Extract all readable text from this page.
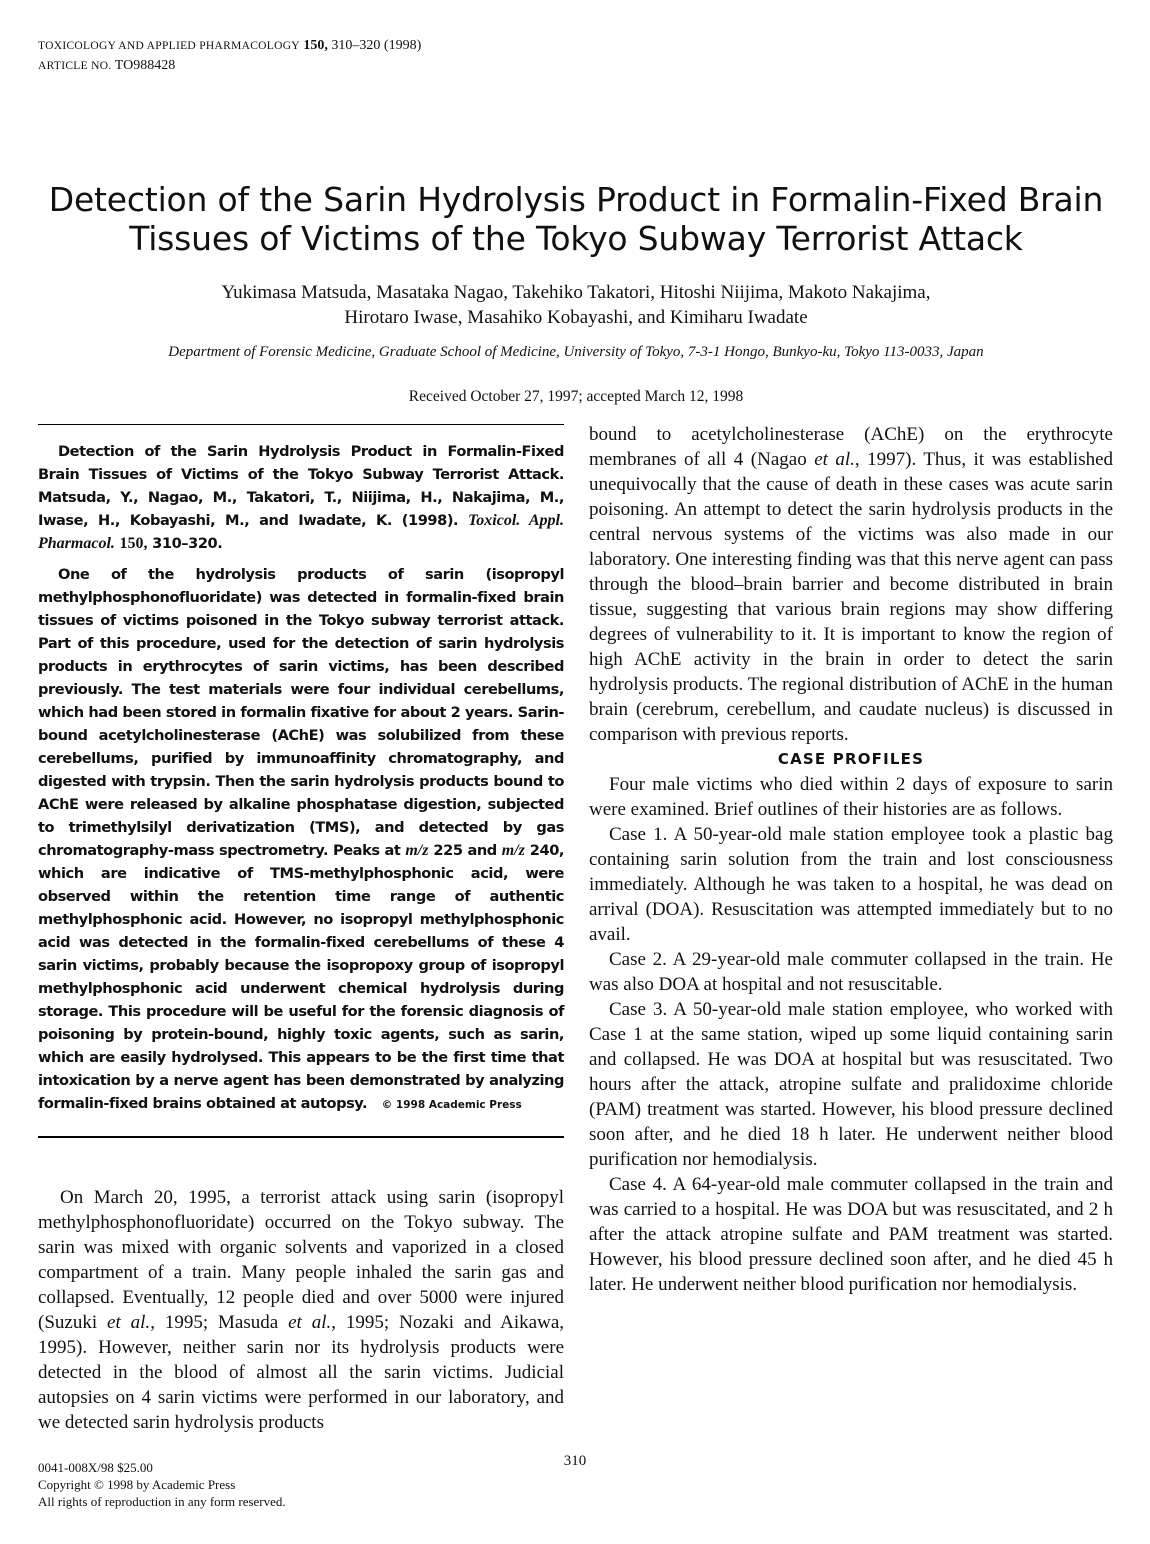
TOXICOLOGY AND APPLIED PHARMACOLOGY 150, 310–320 (1998)
ARTICLE NO. TO988428
Detection of the Sarin Hydrolysis Product in Formalin-Fixed Brain
Tissues of Victims of the Tokyo Subway Terrorist Attack
Yukimasa Matsuda, Masataka Nagao, Takehiko Takatori, Hitoshi Niijima, Makoto Nakajima,
Hirotaro Iwase, Masahiko Kobayashi, and Kimiharu Iwadate
Department of Forensic Medicine, Graduate School of Medicine, University of Tokyo, 7-3-1 Hongo, Bunkyo-ku, Tokyo 113-0033, Japan
Received October 27, 1997; accepted March 12, 1998

Detection of the Sarin Hydrolysis Product in Formalin-Fixed Brain Tissues of Victims of the Tokyo Subway Terrorist Attack. Matsuda, Y., Nagao, M., Takatori, T., Niijima, H., Nakajima, M., Iwase, H., Kobayashi, M., and Iwadate, K. (1998). Toxicol. Appl. Pharmacol. 150, 310–320.

One of the hydrolysis products of sarin (isopropyl methylphosphonofluoridate) was detected in formalin-fixed brain tissues of victims poisoned in the Tokyo subway terrorist attack. Part of this procedure, used for the detection of sarin hydrolysis products in erythrocytes of sarin victims, has been described previously. The test materials were four individual cerebellums, which had been stored in formalin fixative for about 2 years. Sarin-bound acetylcholinesterase (AChE) was solubilized from these cerebellums, purified by immunoaffinity chromatography, and digested with trypsin. Then the sarin hydrolysis products bound to AChE were released by alkaline phosphatase digestion, subjected to trimethylsilyl derivatization (TMS), and detected by gas chromatography-mass spectrometry. Peaks at m/z 225 and m/z 240, which are indicative of TMS-methylphosphonic acid, were observed within the retention time range of authentic methylphosphonic acid. However, no isopropyl methylphosphonic acid was detected in the formalin-fixed cerebellums of these 4 sarin victims, probably because the isopropoxy group of isopropyl methylphosphonic acid underwent chemical hydrolysis during storage. This procedure will be useful for the forensic diagnosis of poisoning by protein-bound, highly toxic agents, such as sarin, which are easily hydrolysed. This appears to be the first time that intoxication by a nerve agent has been demonstrated by analyzing formalin-fixed brains obtained at autopsy. © 1998 Academic Press

On March 20, 1995, a terrorist attack using sarin (isopropyl methylphosphonofluoridate) occurred on the Tokyo subway. The sarin was mixed with organic solvents and vaporized in a closed compartment of a train. Many people inhaled the sarin gas and collapsed. Eventually, 12 people died and over 5000 were injured (Suzuki et al., 1995; Masuda et al., 1995; Nozaki and Aikawa, 1995). However, neither sarin nor its hydrolysis products were detected in the blood of almost all the sarin victims. Judicial autopsies on 4 sarin victims were performed in our laboratory, and we detected sarin hydrolysis products

bound to acetylcholinesterase (AChE) on the erythrocyte membranes of all 4 (Nagao et al., 1997). Thus, it was established unequivocally that the cause of death in these cases was acute sarin poisoning. An attempt to detect the sarin hydrolysis products in the central nervous systems of the victims was also made in our laboratory. One interesting finding was that this nerve agent can pass through the blood–brain barrier and become distributed in brain tissue, suggesting that various brain regions may show differing degrees of vulnerability to it. It is important to know the region of high AChE activity in the brain in order to detect the sarin hydrolysis products. The regional distribution of AChE in the human brain (cerebrum, cerebellum, and caudate nucleus) is discussed in comparison with previous reports.

CASE PROFILES

Four male victims who died within 2 days of exposure to sarin were examined. Brief outlines of their histories are as follows.

Case 1. A 50-year-old male station employee took a plastic bag containing sarin solution from the train and lost consciousness immediately. Although he was taken to a hospital, he was dead on arrival (DOA). Resuscitation was attempted immediately but to no avail.

Case 2. A 29-year-old male commuter collapsed in the train. He was also DOA at hospital and not resuscitable.

Case 3. A 50-year-old male station employee, who worked with Case 1 at the same station, wiped up some liquid containing sarin and collapsed. He was DOA at hospital but was resuscitated. Two hours after the attack, atropine sulfate and pralidoxime chloride (PAM) treatment was started. However, his blood pressure declined soon after, and he died 18 h later. He underwent neither blood purification nor hemodialysis.

Case 4. A 64-year-old male commuter collapsed in the train and was carried to a hospital. He was DOA but was resuscitated, and 2 h after the attack atropine sulfate and PAM treatment was started. However, his blood pressure declined soon after, and he died 45 h later. He underwent neither blood purification nor hemodialysis.

0041-008X/98 $25.00
Copyright © 1998 by Academic Press
All rights of reproduction in any form reserved.
310
